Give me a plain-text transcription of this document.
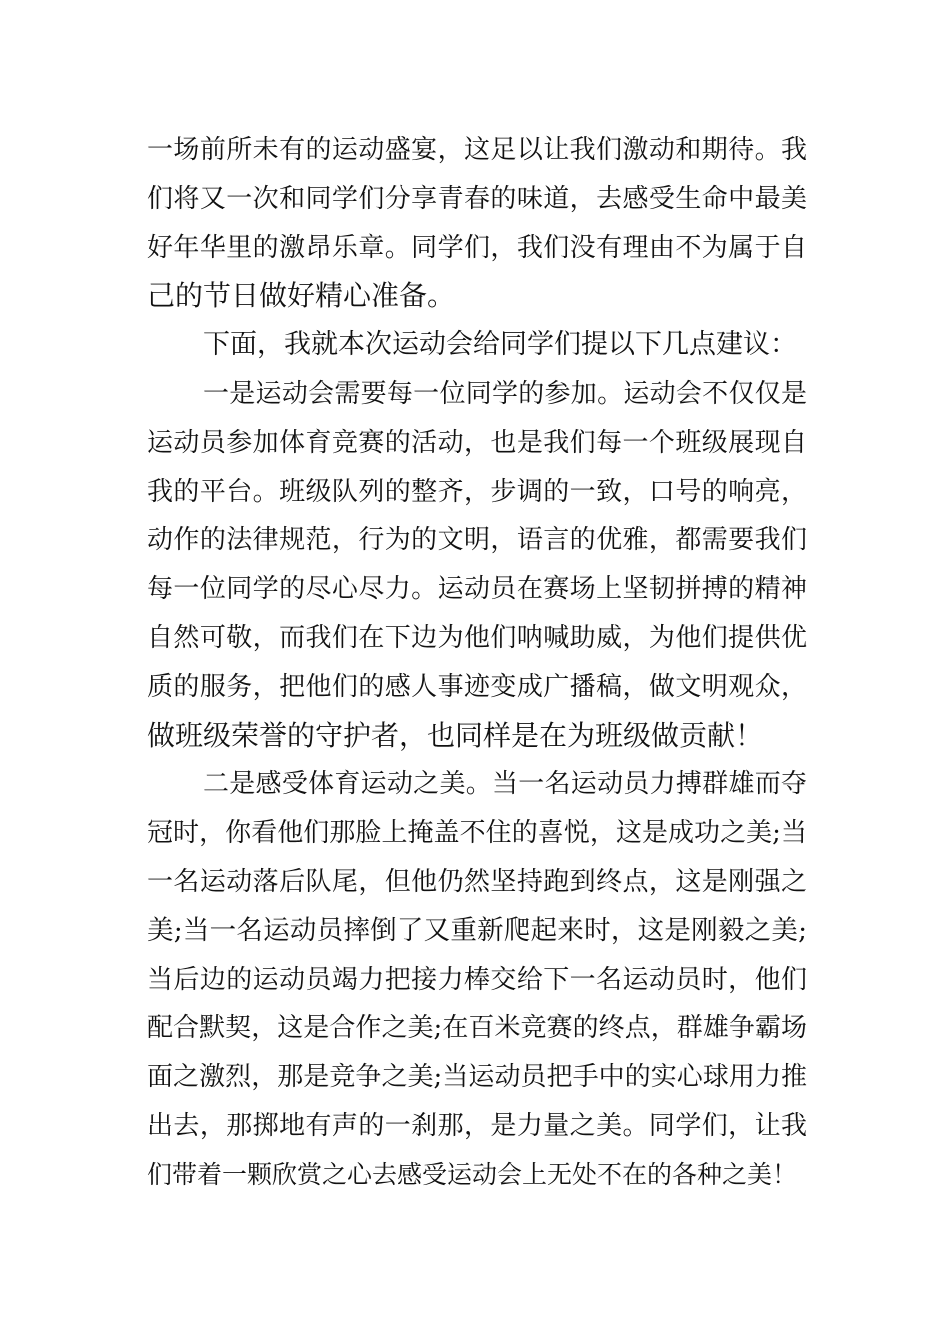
一场前所未有的运动盛宴，这足以让我们激动和期待。我
们将又一次和同学们分享青春的味道，去感受生命中最美
好年华里的激昂乐章。同学们，我们没有理由不为属于自
己的节日做好精心准备。
下面，我就本次运动会给同学们提以下几点建议：
一是运动会需要每一位同学的参加。运动会不仅仅是
运动员参加体育竞赛的活动，也是我们每一个班级展现自
我的平台。班级队列的整齐，步调的一致，口号的响亮，
动作的法律规范，行为的文明，语言的优雅，都需要我们
每一位同学的尽心尽力。运动员在赛场上坚韧拼搏的精神
自然可敬，而我们在下边为他们呐喊助威，为他们提供优
质的服务，把他们的感人事迹变成广播稿，做文明观众，
做班级荣誉的守护者，也同样是在为班级做贡献！
二是感受体育运动之美。当一名运动员力搏群雄而夺
冠时，你看他们那脸上掩盖不住的喜悦，这是成功之美;当
一名运动落后队尾，但他仍然坚持跑到终点，这是刚强之
美;当一名运动员摔倒了又重新爬起来时，这是刚毅之美;
当后边的运动员竭力把接力棒交给下一名运动员时，他们
配合默契，这是合作之美;在百米竞赛的终点，群雄争霸场
面之激烈，那是竞争之美;当运动员把手中的实心球用力推
出去，那掷地有声的一刹那，是力量之美。同学们，让我
们带着一颗欣赏之心去感受运动会上无处不在的各种之美！
